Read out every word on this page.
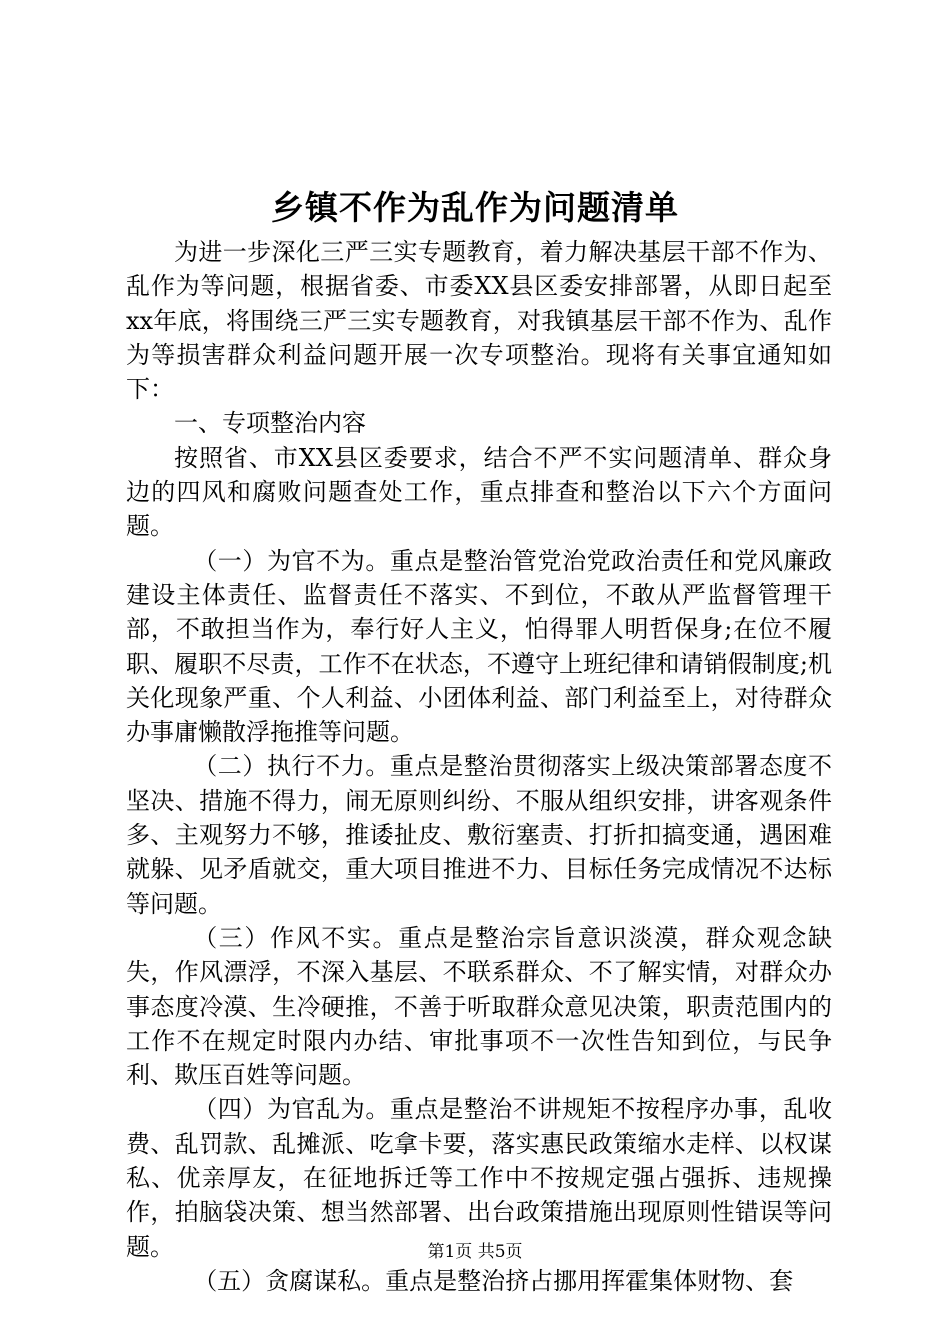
乡镇不作为乱作为问题清单

为进一步深化三严三实专题教育，着力解决基层干部不作为、乱作为等问题，根据省委、市委XX县区委安排部署，从即日起至xx年底，将围绕三严三实专题教育，对我镇基层干部不作为、乱作为等损害群众利益问题开展一次专项整治。现将有关事宜通知如下：

一、专项整治内容

按照省、市XX县区委要求，结合不严不实问题清单、群众身边的四风和腐败问题查处工作，重点排查和整治以下六个方面问题。

（一）为官不为。重点是整治管党治党政治责任和党风廉政建设主体责任、监督责任不落实、不到位，不敢从严监督管理干部，不敢担当作为，奉行好人主义，怕得罪人明哲保身;在位不履职、履职不尽责，工作不在状态，不遵守上班纪律和请销假制度;机关化现象严重、个人利益、小团体利益、部门利益至上，对待群众办事庸懒散浮拖推等问题。

（二）执行不力。重点是整治贯彻落实上级决策部署态度不坚决、措施不得力，闹无原则纠纷、不服从组织安排，讲客观条件多、主观努力不够，推诿扯皮、敷衍塞责、打折扣搞变通，遇困难就躲、见矛盾就交，重大项目推进不力、目标任务完成情况不达标等问题。

（三）作风不实。重点是整治宗旨意识淡漠，群众观念缺失，作风漂浮，不深入基层、不联系群众、不了解实情，对群众办事态度冷漠、生冷硬推，不善于听取群众意见决策，职责范围内的工作不在规定时限内办结、审批事项不一次性告知到位，与民争利、欺压百姓等问题。

（四）为官乱为。重点是整治不讲规矩不按程序办事，乱收费、乱罚款、乱摊派、吃拿卡要，落实惠民政策缩水走样、以权谋私、优亲厚友，在征地拆迁等工作中不按规定强占强拆、违规操作，拍脑袋决策、想当然部署、出台政策措施出现原则性错误等问题。

（五）贪腐谋私。重点是整治挤占挪用挥霍集体财物、套

第1页 共5页
